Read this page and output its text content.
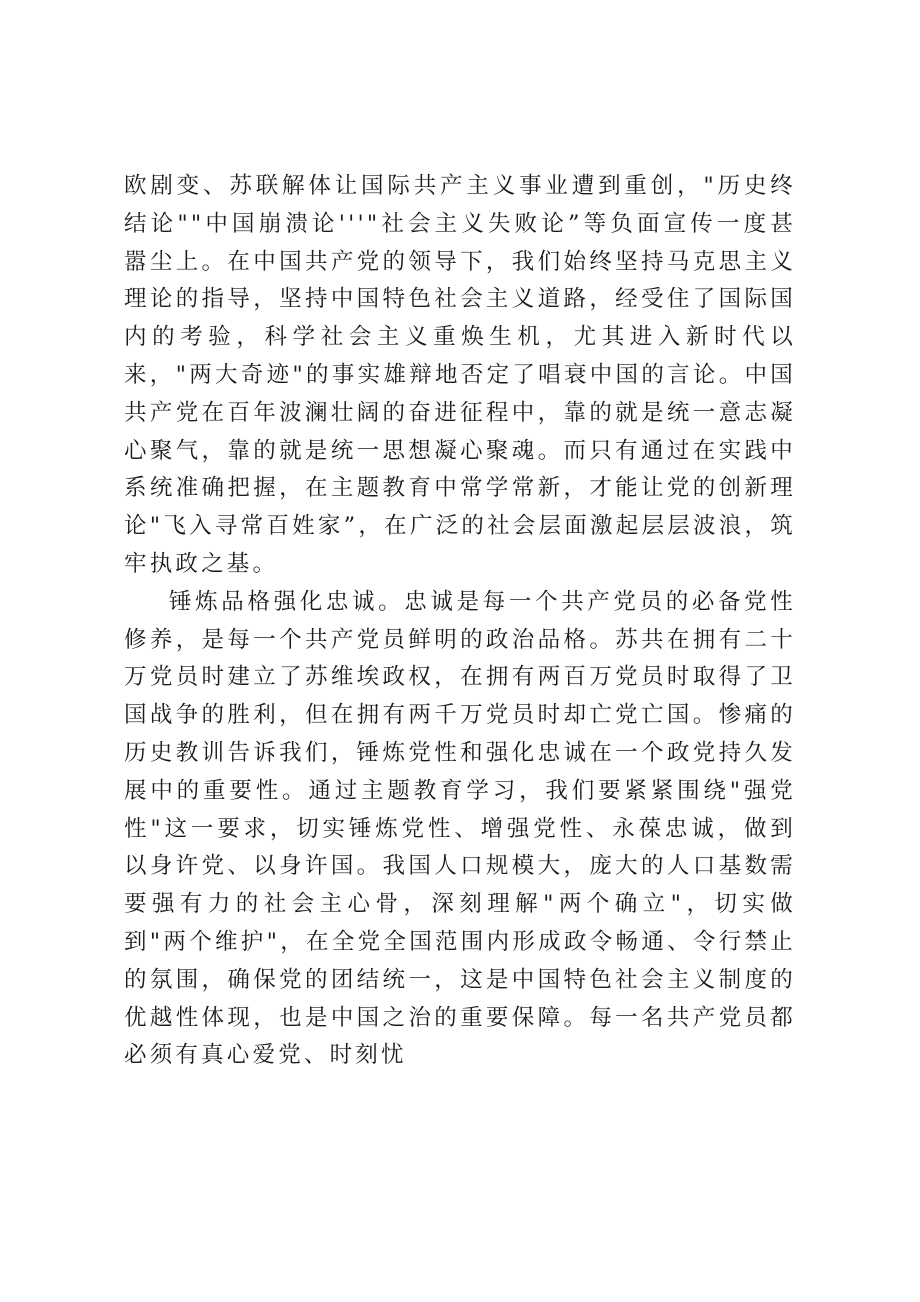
欧剧变、苏联解体让国际共产主义事业遭到重创，"历史终结论""中国崩溃论'''"社会主义失败论”等负面宣传一度甚嚣尘上。在中国共产党的领导下，我们始终坚持马克思主义理论的指导，坚持中国特色社会主义道路，经受住了国际国内的考验，科学社会主义重焕生机，尤其进入新时代以来，"两大奇迹"的事实雄辩地否定了唱衰中国的言论。中国共产党在百年波澜壮阔的奋进征程中，靠的就是统一意志凝心聚气，靠的就是统一思想凝心聚魂。而只有通过在实践中系统准确把握，在主题教育中常学常新，才能让党的创新理论"飞入寻常百姓家”，在广泛的社会层面激起层层波浪，筑牢执政之基。

锤炼品格强化忠诚。忠诚是每一个共产党员的必备党性修养，是每一个共产党员鲜明的政治品格。苏共在拥有二十万党员时建立了苏维埃政权，在拥有两百万党员时取得了卫国战争的胜利，但在拥有两千万党员时却亡党亡国。惨痛的历史教训告诉我们，锤炼党性和强化忠诚在一个政党持久发展中的重要性。通过主题教育学习，我们要紧紧围绕"强党性"这一要求，切实锤炼党性、增强党性、永葆忠诚，做到以身许党、以身许国。我国人口规模大，庞大的人口基数需要强有力的社会主心骨，深刻理解"两个确立"，切实做到"两个维护"，在全党全国范围内形成政令畅通、令行禁止的氛围，确保党的团结统一，这是中国特色社会主义制度的优越性体现，也是中国之治的重要保障。每一名共产党员都必须有真心爱党、时刻忧
